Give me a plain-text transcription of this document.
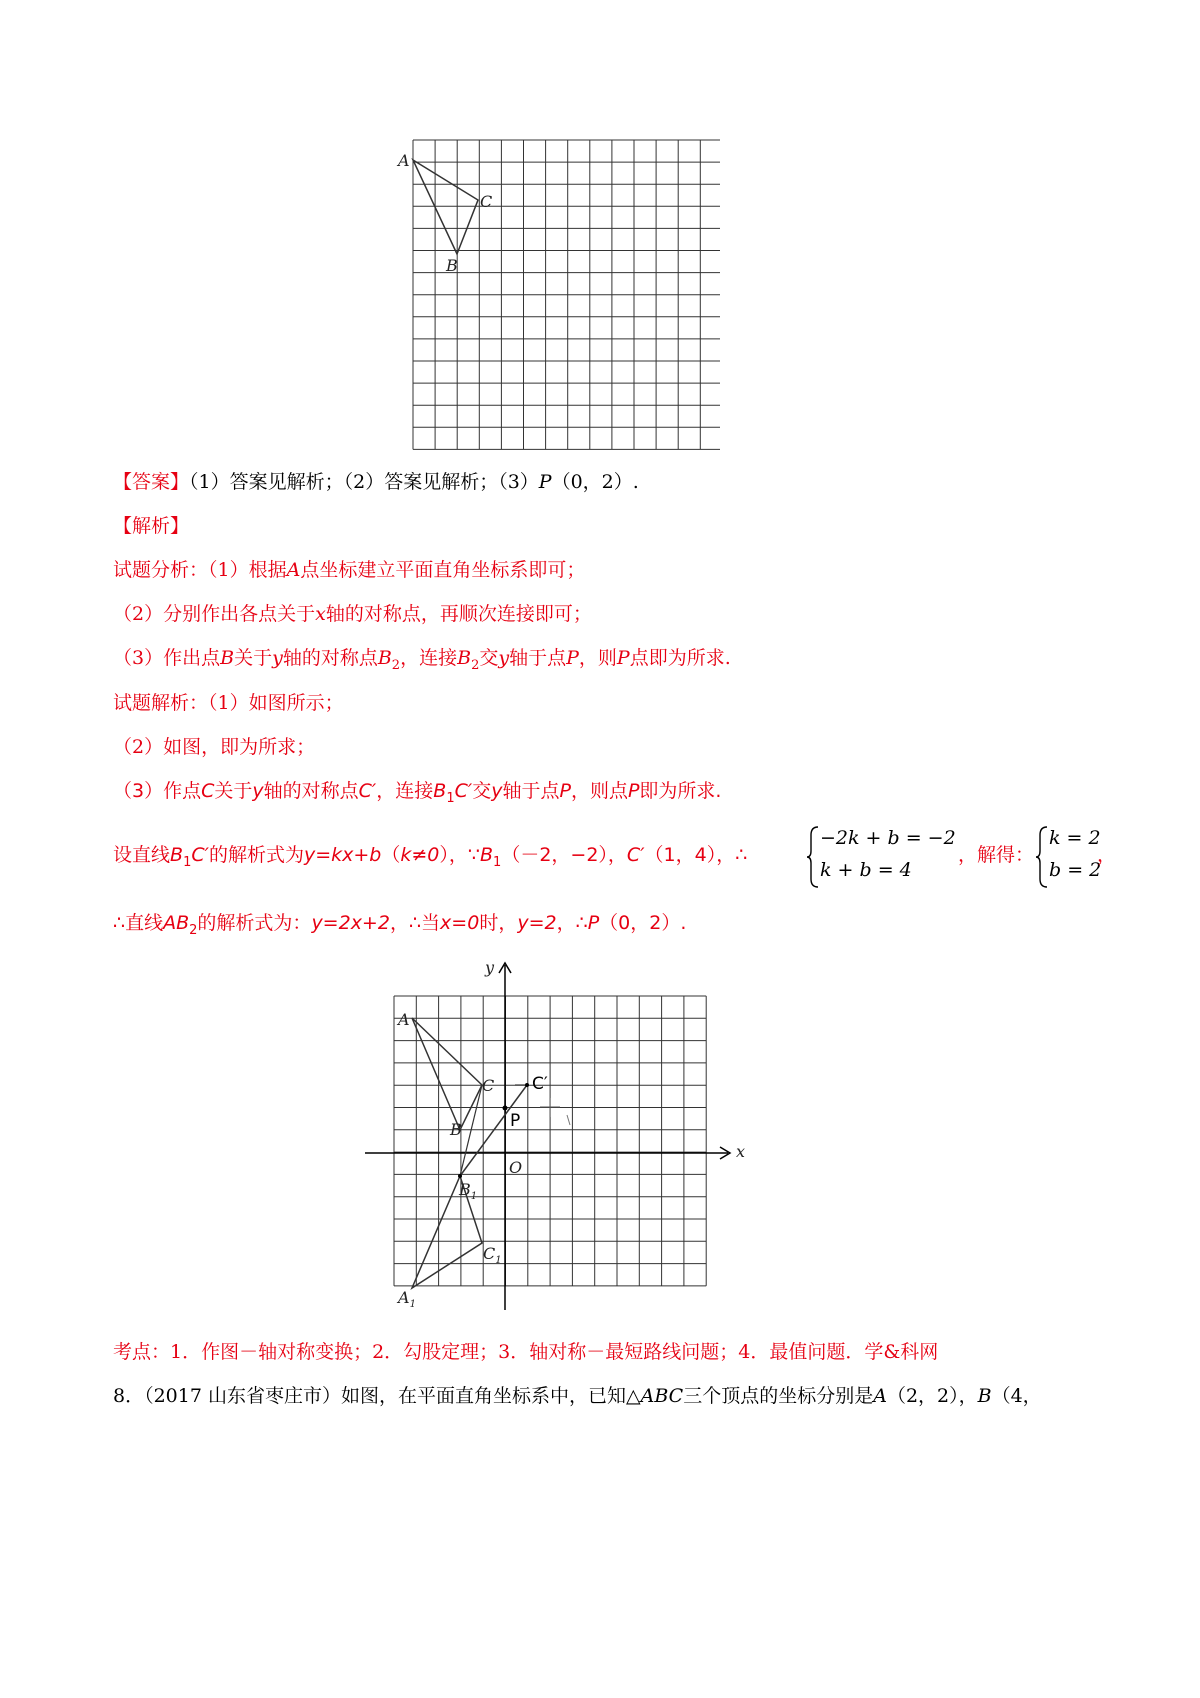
A
C
B
【答案】（1）答案见解析；（2）答案见解析；（3）P（0，2）.
【解析】
试题分析：（1）根据A点坐标建立平面直角坐标系即可；
（2）分别作出各点关于x轴的对称点，再顺次连接即可；
（3）作出点B关于y轴的对称点$B_2$，连接$B_2$交y轴于点P，则P点即为所求.
试题解析：（1）如图所示；
（2）如图，即为所求；
（3）作点C关于y轴的对称点C′，连接$B_1C'$交y轴于点P，则点P即为所求.
设直线$B_1C'$的解析式为y=kx+b（k≠0），$\because B_1(-2$，−2），C′（1，4），∴
−2k + b = −2
k + b = 4
，解得：
k = 2
b = 2
，
∴直线$AB_2$的解析式为：y=2x+2，∴当x=0时，y=2，∴P（0，2）.
x
y
O
A
C C′
B	P
$B_1$
$C_1$
$A_1$
考点：1．作图－轴对称变换；2．勾股定理；3．轴对称－最短路线问题；4．最值问题．学&科网
8．（2017 山东省枣庄市）如图，在平面直角坐标系中，已知△ABC三个顶点的坐标分别是A（2，2），B（4，
